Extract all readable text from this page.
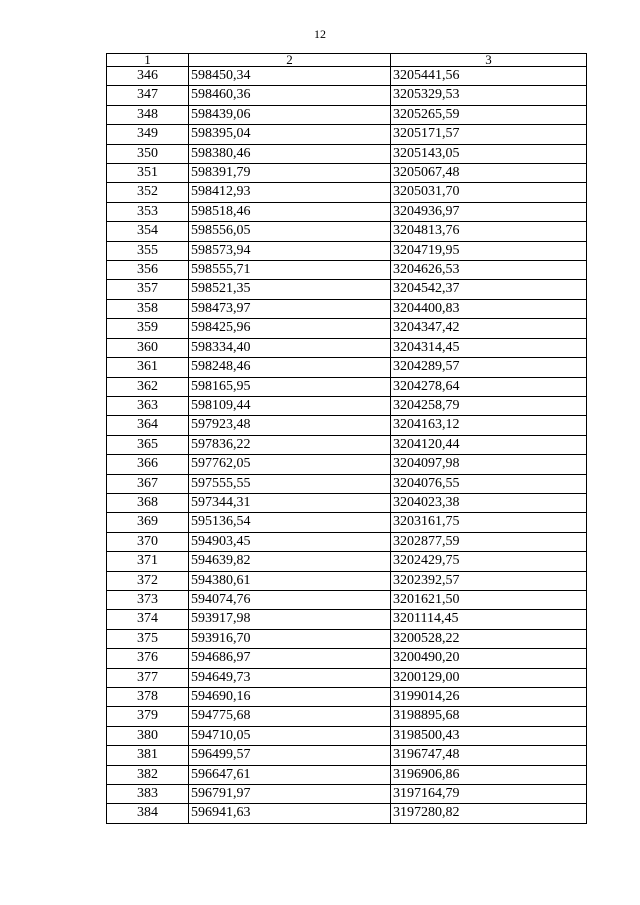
12
1	2	3
346	598450,34	3205441,56
347	598460,36	3205329,53
348	598439,06	3205265,59
349	598395,04	3205171,57
350	598380,46	3205143,05
351	598391,79	3205067,48
352	598412,93	3205031,70
353	598518,46	3204936,97
354	598556,05	3204813,76
355	598573,94	3204719,95
356	598555,71	3204626,53
357	598521,35	3204542,37
358	598473,97	3204400,83
359	598425,96	3204347,42
360	598334,40	3204314,45
361	598248,46	3204289,57
362	598165,95	3204278,64
363	598109,44	3204258,79
364	597923,48	3204163,12
365	597836,22	3204120,44
366	597762,05	3204097,98
367	597555,55	3204076,55
368	597344,31	3204023,38
369	595136,54	3203161,75
370	594903,45	3202877,59
371	594639,82	3202429,75
372	594380,61	3202392,57
373	594074,76	3201621,50
374	593917,98	3201114,45
375	593916,70	3200528,22
376	594686,97	3200490,20
377	594649,73	3200129,00
378	594690,16	3199014,26
379	594775,68	3198895,68
380	594710,05	3198500,43
381	596499,57	3196747,48
382	596647,61	3196906,86
383	596791,97	3197164,79
384	596941,63	3197280,82
